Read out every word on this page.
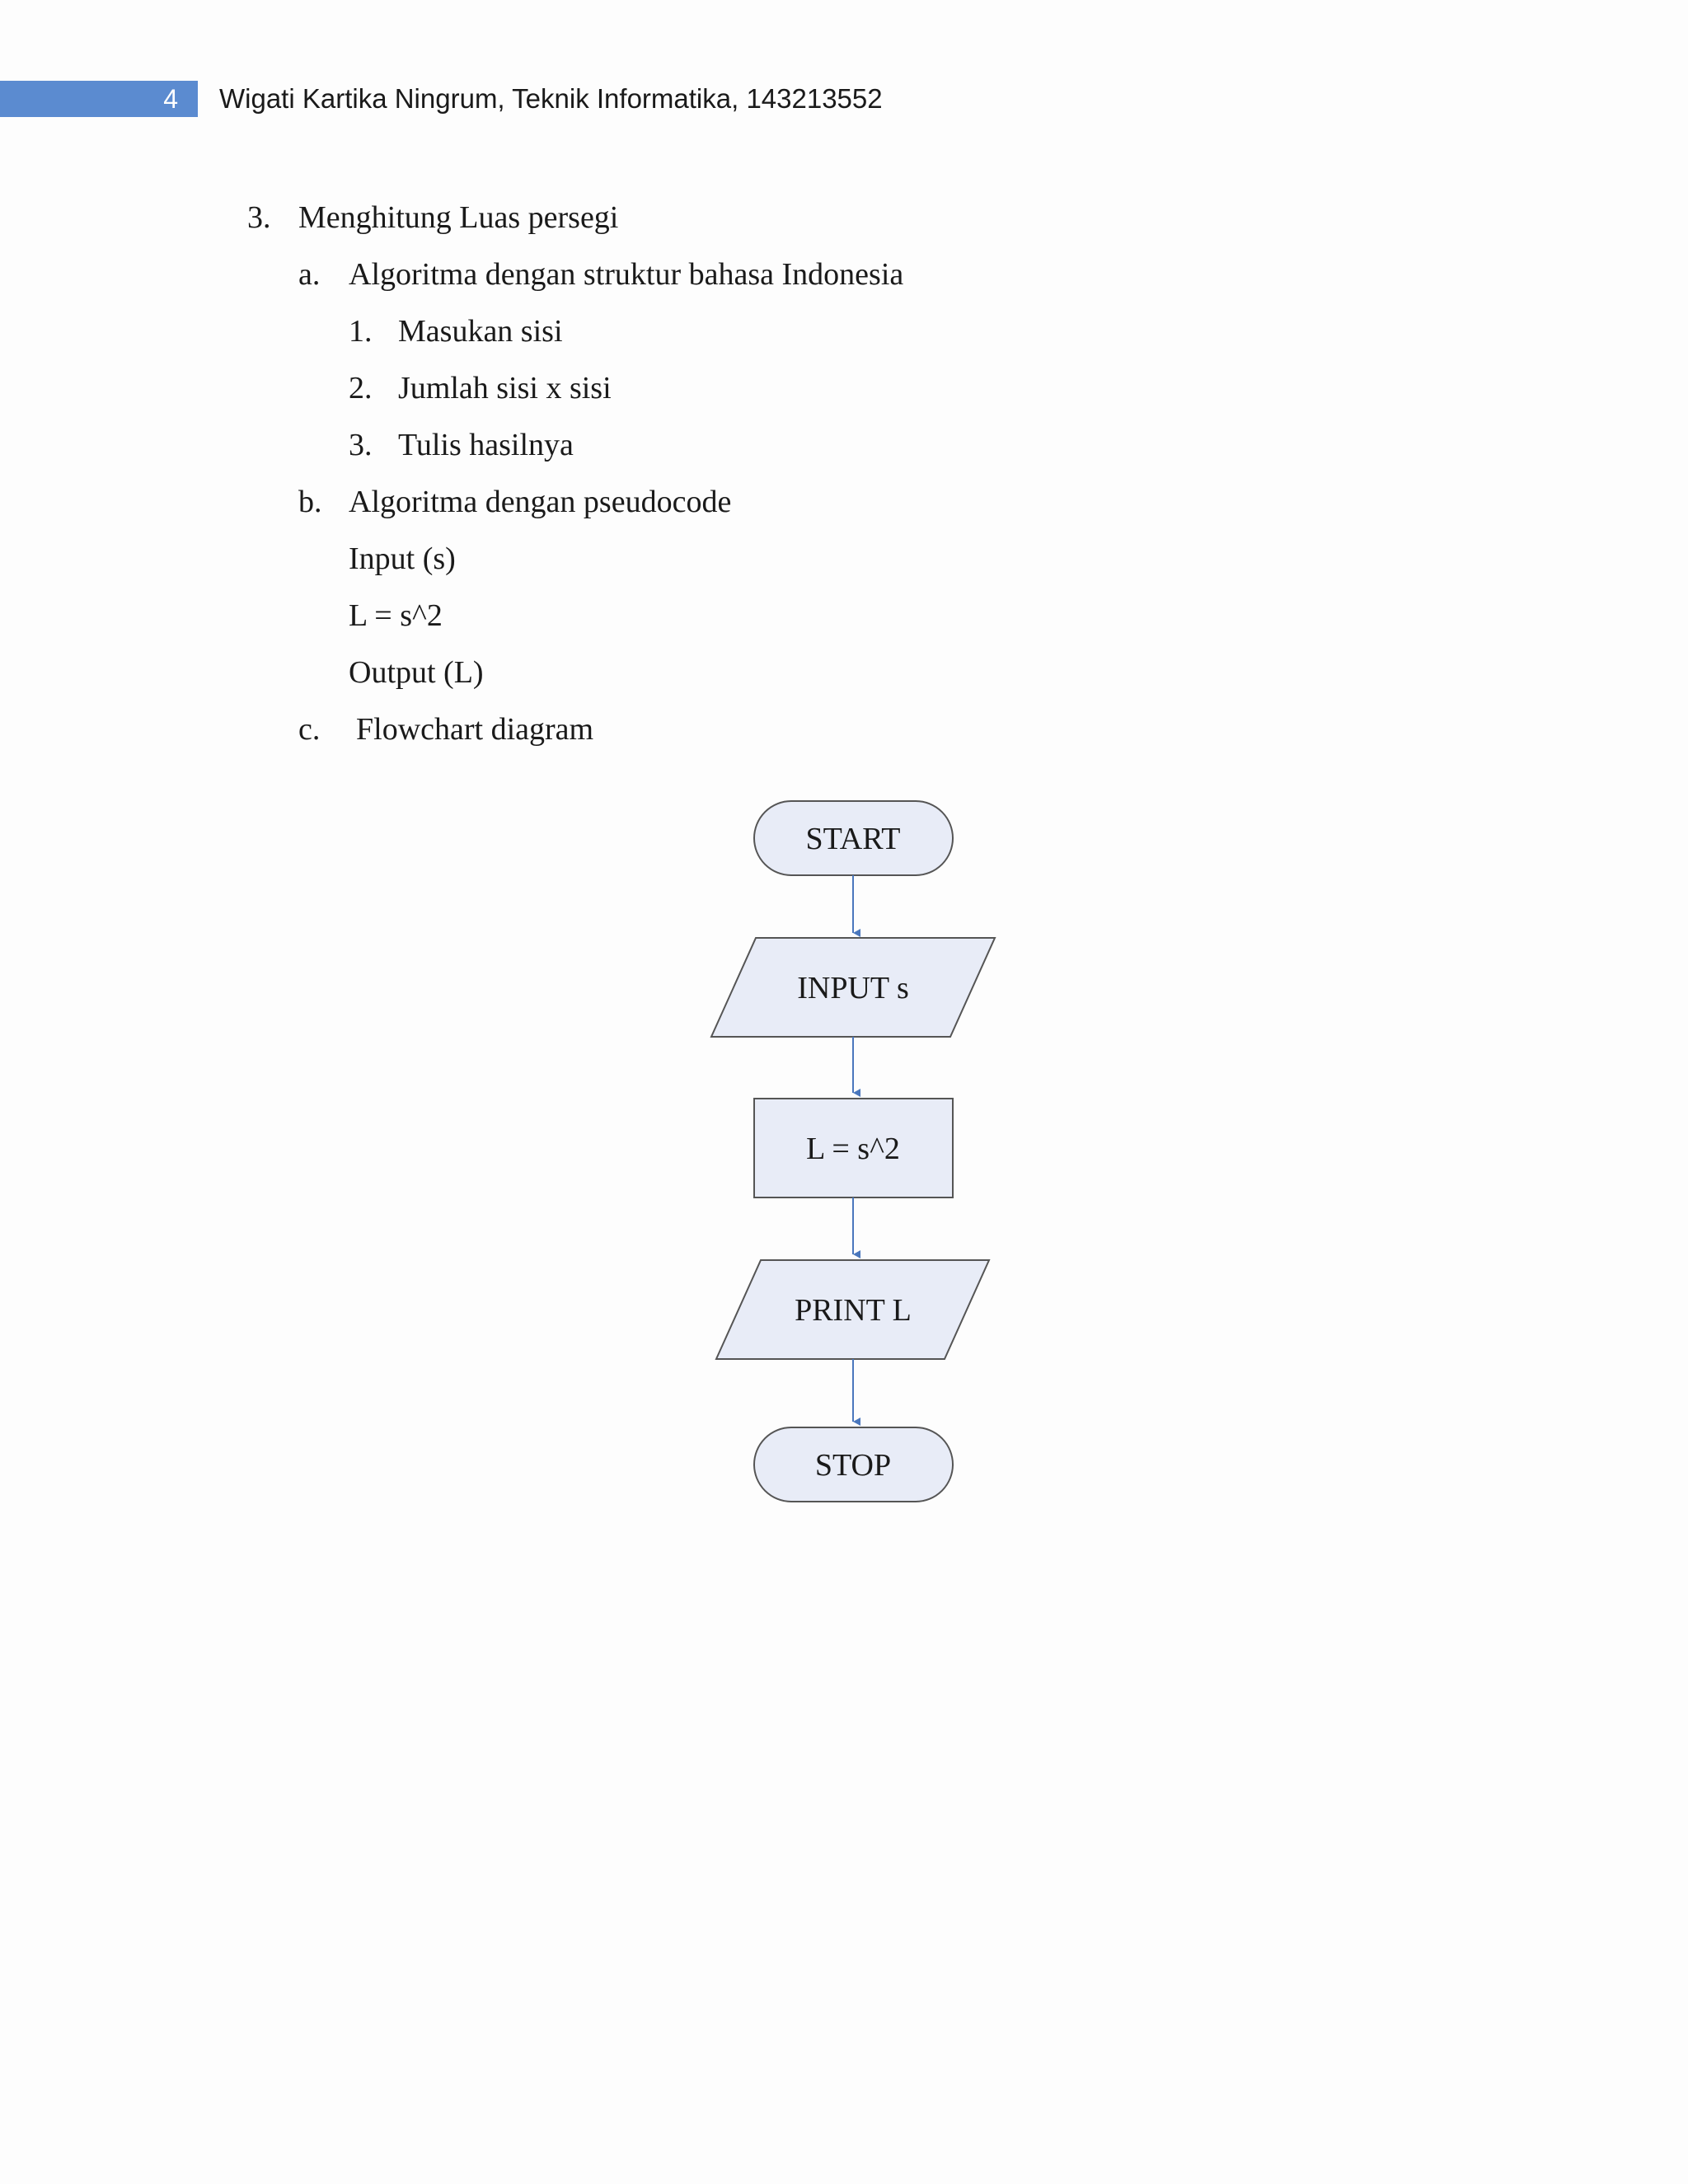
4 Wigati Kartika Ningrum, Teknik Informatika, 143213552
3. Menghitung Luas persegi
a. Algoritma dengan struktur bahasa Indonesia
1. Masukan sisi
2. Jumlah sisi x sisi
3. Tulis hasilnya
b. Algoritma dengan pseudocode
Input (s)
L = s^2
Output (L)
c. Flowchart diagram
START
INPUT s
L = s^2
PRINT L
STOP
